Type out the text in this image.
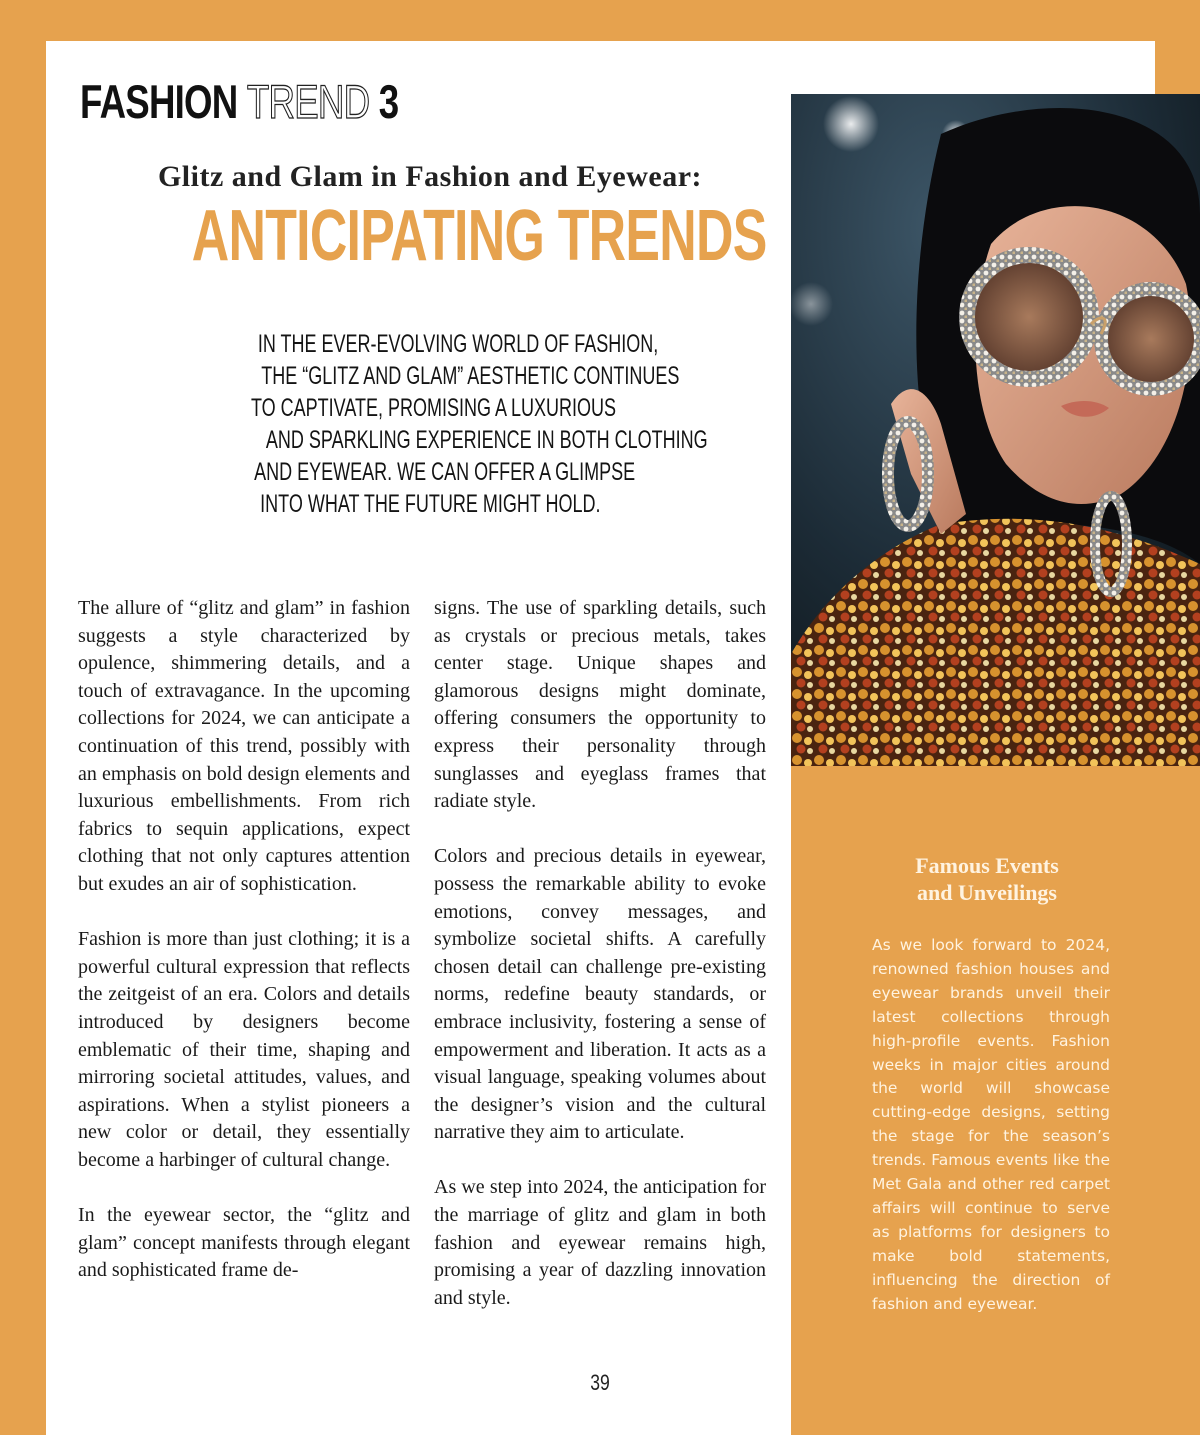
FASHION TREND 3
Glitz and Glam in Fashion and Eyewear:
ANTICIPATING TRENDS
IN THE EVER-EVOLVING WORLD OF FASHION,
THE “GLITZ AND GLAM” AESTHETIC CONTINUES
TO CAPTIVATE, PROMISING A LUXURIOUS
AND SPARKLING EXPERIENCE IN BOTH CLOTHING
AND EYEWEAR. WE CAN OFFER A GLIMPSE
INTO WHAT THE FUTURE MIGHT HOLD.

The allure of “glitz and glam” in fashion suggests a style characterized by opulence, shimmering details, and a touch of extravagance. In the upcoming collections for 2024, we can anticipate a continuation of this trend, possibly with an emphasis on bold design elements and luxurious embellishments. From rich fabrics to sequin applications, expect clothing that not only captures attention but exudes an air of sophistication.

Fashion is more than just clothing; it is a powerful cultural expression that reflects the zeitgeist of an era. Colors and details introduced by designers become emblematic of their time, shaping and mirroring societal attitudes, values, and aspirations. When a stylist pioneers a new color or detail, they essentially become a harbinger of cultural change.

In the eyewear sector, the “glitz and glam” concept manifests through elegant and sophisticated frame de-

signs. The use of sparkling details, such as crystals or precious metals, takes center stage. Unique shapes and glamorous designs might dominate, offering consumers the opportunity to express their personality through sunglasses and eyeglass frames that radiate style.

Colors and precious details in eyewear, possess the remarkable ability to evoke emotions, convey messages, and symbolize societal shifts. A carefully chosen detail can challenge pre-existing norms, redefine beauty standards, or embrace inclusivity, fostering a sense of empowerment and liberation. It acts as a visual language, speaking volumes about the designer’s vision and the cultural narrative they aim to articulate.

As we step into 2024, the anticipation for the marriage of glitz and glam in both fashion and eyewear remains high, promising a year of dazzling innovation and style.

39
Famous Events
and Unveilings

As we look forward to 2024, renowned fashion houses and eyewear brands unveil their latest collections through high-profile events. Fashion weeks in major cities around the world will showcase cutting-edge designs, setting the stage for the season’s trends. Famous events like the Met Gala and other red carpet affairs will continue to serve as platforms for designers to make bold statements, influencing the direction of fashion and eyewear.
